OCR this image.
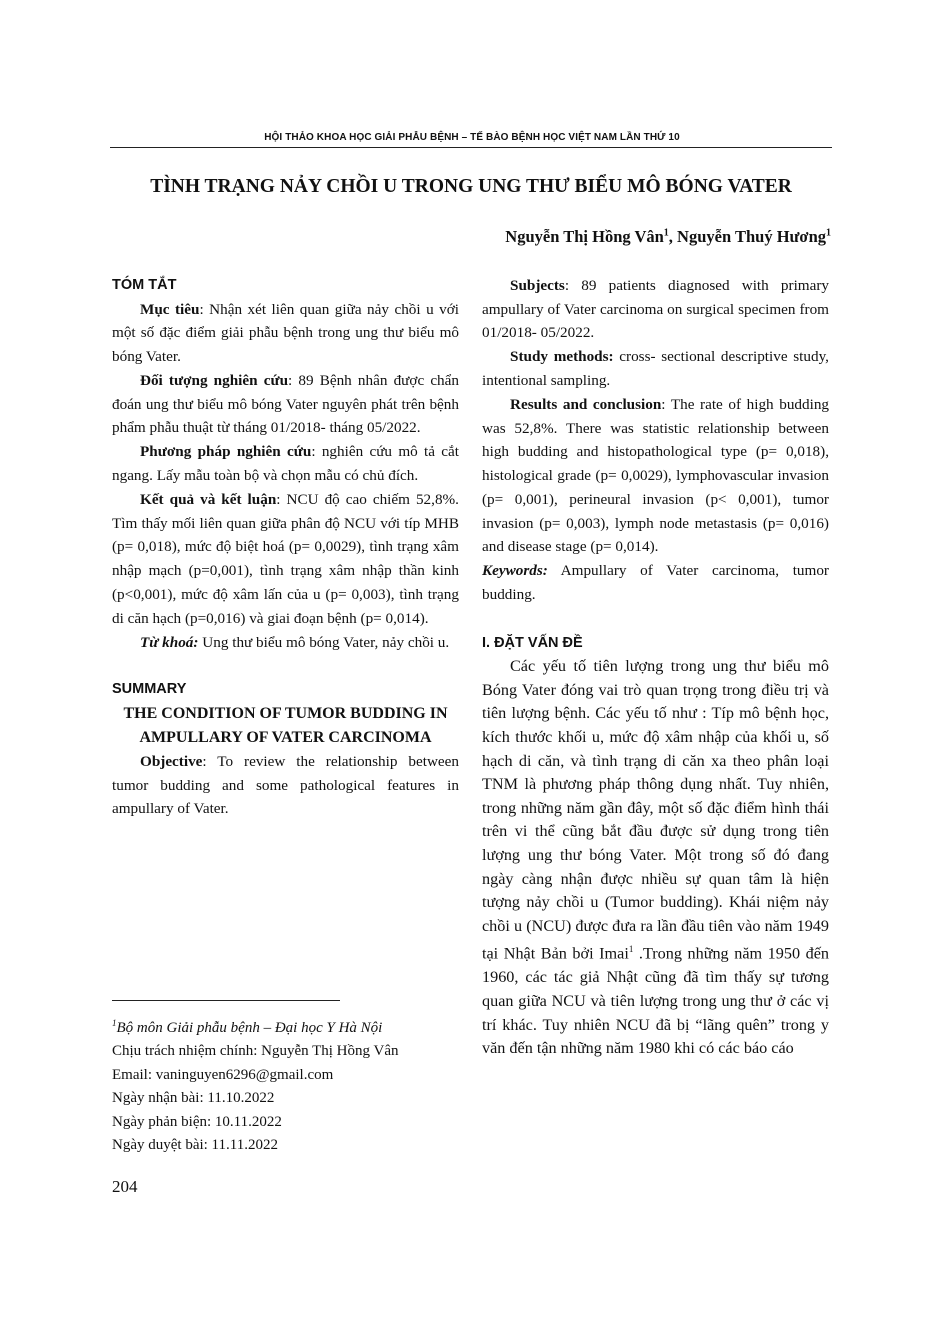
HỘI THẢO KHOA HỌC GIẢI PHẪU BỆNH – TẾ BÀO BỆNH HỌC VIỆT NAM LẦN THỨ 10
TÌNH TRẠNG NẢY CHỒI U TRONG UNG THƯ BIỂU MÔ BÓNG VATER
Nguyễn Thị Hồng Vân$^1$, Nguyễn Thuý Hương$^1$
TÓM TẮT

Mục tiêu: Nhận xét liên quan giữa nảy chồi u với một số đặc điểm giải phẫu bệnh trong ung thư biểu mô bóng Vater.

Đối tượng nghiên cứu: 89 Bệnh nhân được chẩn đoán ung thư biểu mô bóng Vater nguyên phát trên bệnh phẩm phẫu thuật từ tháng 01/2018- tháng 05/2022.

Phương pháp nghiên cứu: nghiên cứu mô tả cắt ngang. Lấy mẫu toàn bộ và chọn mẫu có chủ đích.

Kết quả và kết luận: NCU độ cao chiếm 52,8%. Tìm thấy mối liên quan giữa phân độ NCU với típ MHB (p= 0,018), mức độ biệt hoá (p= 0,0029), tình trạng xâm nhập mạch (p=0,001), tình trạng xâm nhập thần kinh (p<0,001), mức độ xâm lấn của u (p= 0,003), tình trạng di căn hạch (p=0,016) và giai đoạn bệnh (p= 0,014).

Từ khoá: Ung thư biểu mô bóng Vater, nảy chồi u.

SUMMARY
THE CONDITION OF TUMOR BUDDING IN AMPULLARY OF VATER CARCINOMA

Objective: To review the relationship between tumor budding and some pathological features in ampullary of Vater.

Subjects: 89 patients diagnosed with primary ampullary of Vater carcinoma on surgical specimen from 01/2018- 05/2022.

Study methods: cross- sectional descriptive study, intentional sampling.

Results and conclusion: The rate of high budding was 52,8%. There was statistic relationship between high budding and histopathological type (p= 0,018), histological grade (p= 0,0029), lymphovascular invasion (p= 0,001), perineural invasion (p< 0,001), tumor invasion (p= 0,003), lymph node metastasis (p= 0,016) and disease stage (p= 0,014).

Keywords: Ampullary of Vater carcinoma, tumor budding.

I. ĐẶT VẤN ĐỀ

Các yếu tố tiên lượng trong ung thư biểu mô Bóng Vater đóng vai trò quan trọng trong điều trị và tiên lượng bệnh. Các yếu tố như : Típ mô bệnh học, kích thước khối u, mức độ xâm nhập của khối u, số hạch di căn, và tình trạng di căn xa theo phân loại TNM là phương pháp thông dụng nhất. Tuy nhiên, trong những năm gần đây, một số đặc điểm hình thái trên vi thể cũng bắt đầu được sử dụng trong tiên lượng ung thư bóng Vater. Một trong số đó đang ngày càng nhận được nhiều sự quan tâm là hiện tượng nảy chồi u (Tumor budding). Khái niệm nảy chồi u (NCU) được đưa ra lần đầu tiên vào năm 1949 tại Nhật Bản bởi Imai$^1$ .Trong những năm 1950 đến 1960, các tác giả Nhật cũng đã tìm thấy sự tương quan giữa NCU và tiên lượng trong ung thư ở các vị trí khác. Tuy nhiên NCU đã bị “lãng quên” trong y văn đến tận những năm 1980 khi có các báo cáo

$^1$Bộ môn Giải phẫu bệnh – Đại học Y Hà Nội
Chịu trách nhiệm chính: Nguyễn Thị Hồng Vân
Email: vaninguyen6296@gmail.com
Ngày nhận bài: 11.10.2022
Ngày phản biện: 10.11.2022
Ngày duyệt bài: 11.11.2022
204
